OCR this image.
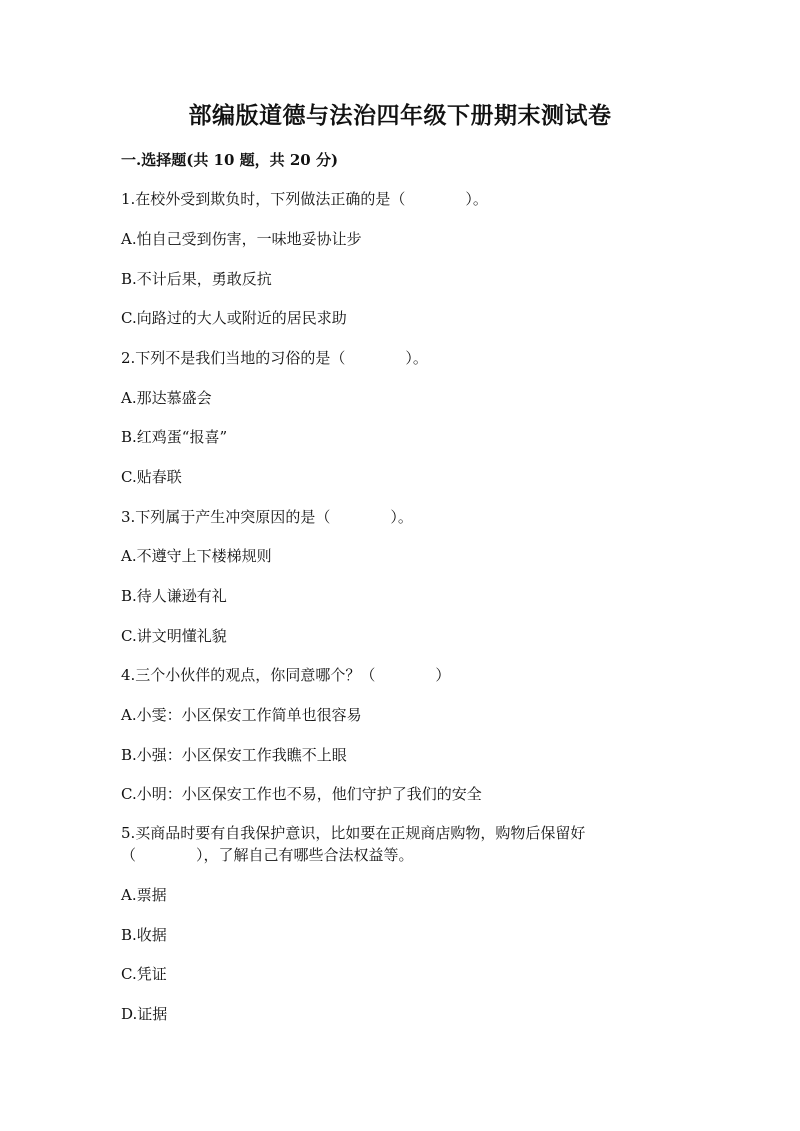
部编版道德与法治四年级下册期末测试卷
一.选择题(共 10 题，共 20 分)
1.在校外受到欺负时，下列做法正确的是（　　　　）。
A.怕自己受到伤害，一味地妥协让步
B.不计后果，勇敢反抗
C.向路过的大人或附近的居民求助
2.下列不是我们当地的习俗的是（　　　　）。
A.那达慕盛会
B.红鸡蛋“报喜”
C.贴春联
3.下列属于产生冲突原因的是（　　　　）。
A.不遵守上下楼梯规则
B.待人谦逊有礼
C.讲文明懂礼貌
4.三个小伙伴的观点，你同意哪个？（　　　　）
A.小雯：小区保安工作简单也很容易
B.小强：小区保安工作我瞧不上眼
C.小明：小区保安工作也不易，他们守护了我们的安全
5.买商品时要有自我保护意识，比如要在正规商店购物，购物后保留好（　　　　），了解自己有哪些合法权益等。
A.票据
B.收据
C.凭证
D.证据
